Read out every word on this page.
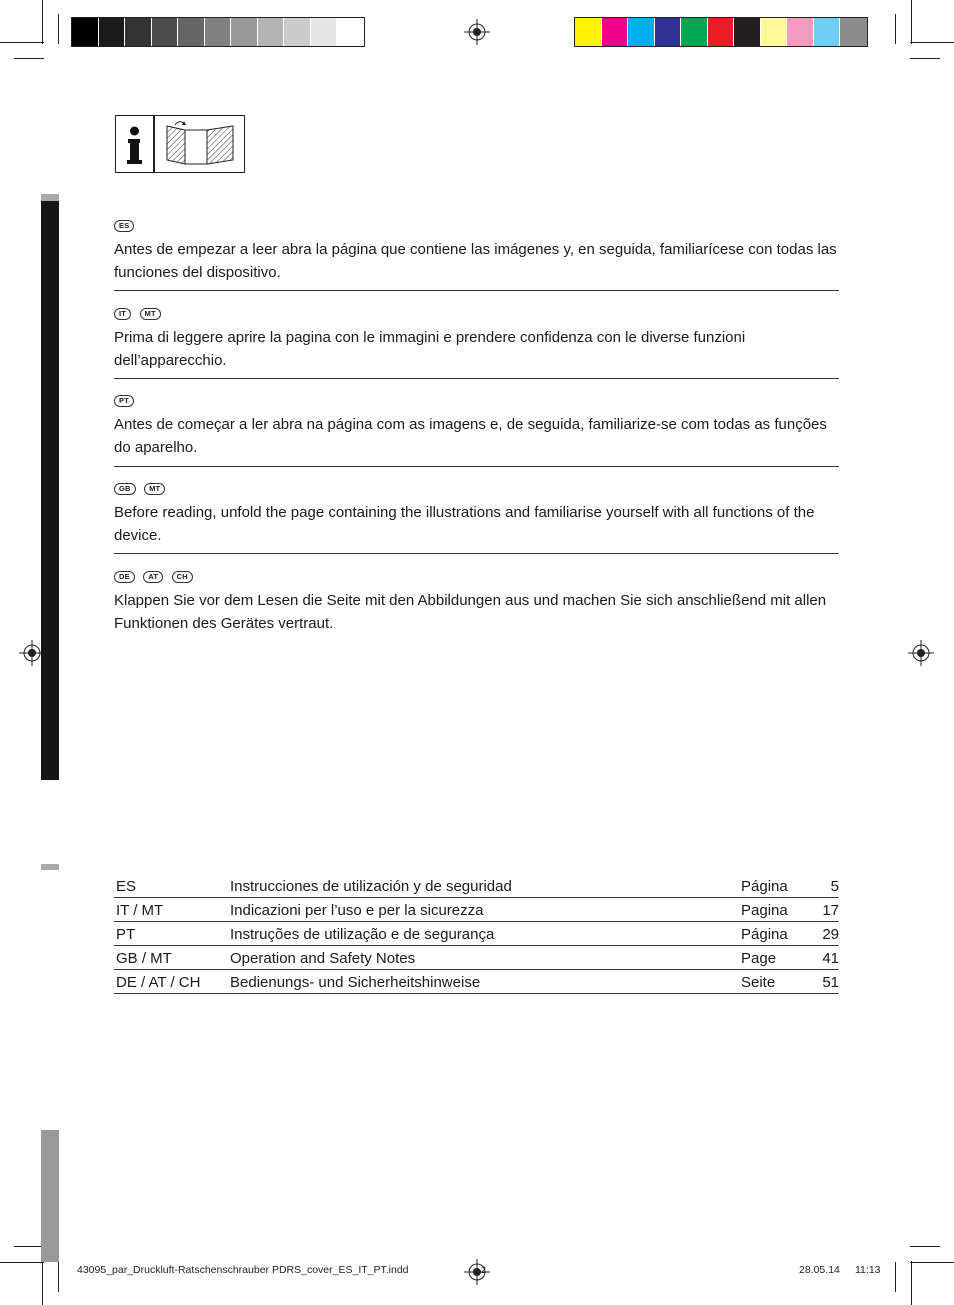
ES

Antes de empezar a leer abra la página que contiene las imágenes y, en seguida, familiarícese con todas las funciones del dispositivo.

IT MT

Prima di leggere aprire la pagina con le immagini e prendere confidenza con le diverse funzioni dell’apparecchio.

PT

Antes de começar a ler abra na página com as imagens e, de seguida, familiarize-se com todas as funções do aparelho.

GB MT

Before reading, unfold the page containing the illustrations and familiarise yourself with all functions of the device.

DE AT CH

Klappen Sie vor dem Lesen die Seite mit den Abbildungen aus und machen Sie sich anschließend mit allen Funktionen des Gerätes vertraut.

ES	Instrucciones de utilización y de seguridad	Página	5
IT / MT	Indicazioni per l’uso e per la sicurezza	Pagina	17
PT	Instruções de utilização e de segurança	Página	29
GB / MT	Operation and Safety Notes	Page	41
DE / AT / CH	Bedienungs- und Sicherheitshinweise	Seite	51
43095_par_Druckluft-Ratschenschrauber PDRS_cover_ES_IT_PT.indd	2	28.05.14 11:13
